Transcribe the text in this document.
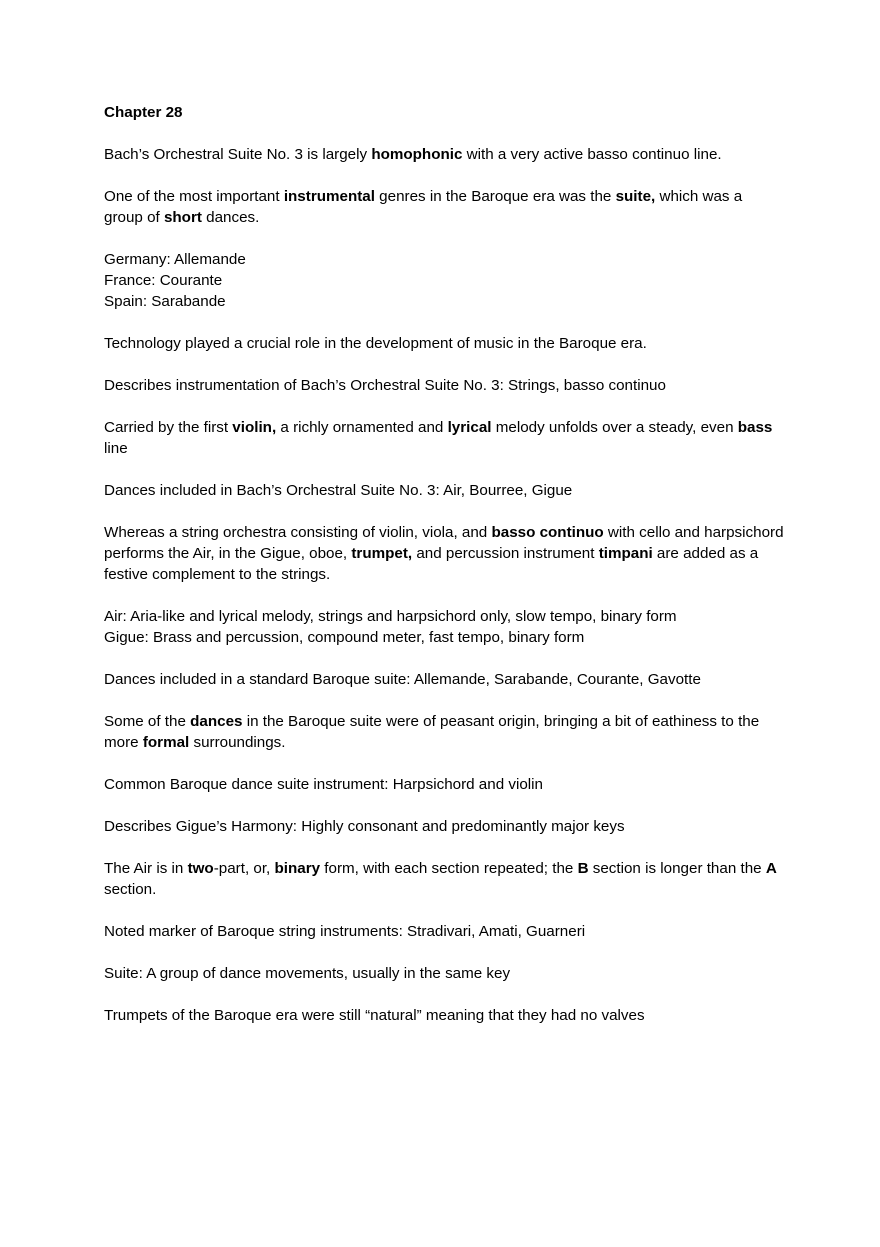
Chapter 28

Bach’s Orchestral Suite No. 3 is largely homophonic with a very active basso continuo line.

One of the most important instrumental genres in the Baroque era was the suite, which was a group of short dances.

Germany: Allemande
France: Courante
Spain: Sarabande

Technology played a crucial role in the development of music in the Baroque era.

Describes instrumentation of Bach’s Orchestral Suite No. 3: Strings, basso continuo

Carried by the first violin, a richly ornamented and lyrical melody unfolds over a steady, even bass line

Dances included in Bach’s Orchestral Suite No. 3: Air, Bourree, Gigue

Whereas a string orchestra consisting of violin, viola, and basso continuo with cello and harpsichord performs the Air, in the Gigue, oboe, trumpet, and percussion instrument timpani are added as a festive complement to the strings.

Air: Aria-like and lyrical melody, strings and harpsichord only, slow tempo, binary form
Gigue: Brass and percussion, compound meter, fast tempo, binary form

Dances included in a standard Baroque suite: Allemande, Sarabande, Courante, Gavotte

Some of the dances in the Baroque suite were of peasant origin, bringing a bit of eathiness to the more formal surroundings.

Common Baroque dance suite instrument: Harpsichord and violin

Describes Gigue’s Harmony: Highly consonant and predominantly major keys

The Air is in two-part, or, binary form, with each section repeated; the B section is longer than the A section.

Noted marker of Baroque string instruments: Stradivari, Amati, Guarneri

Suite: A group of dance movements, usually in the same key

Trumpets of the Baroque era were still “natural” meaning that they had no valves
